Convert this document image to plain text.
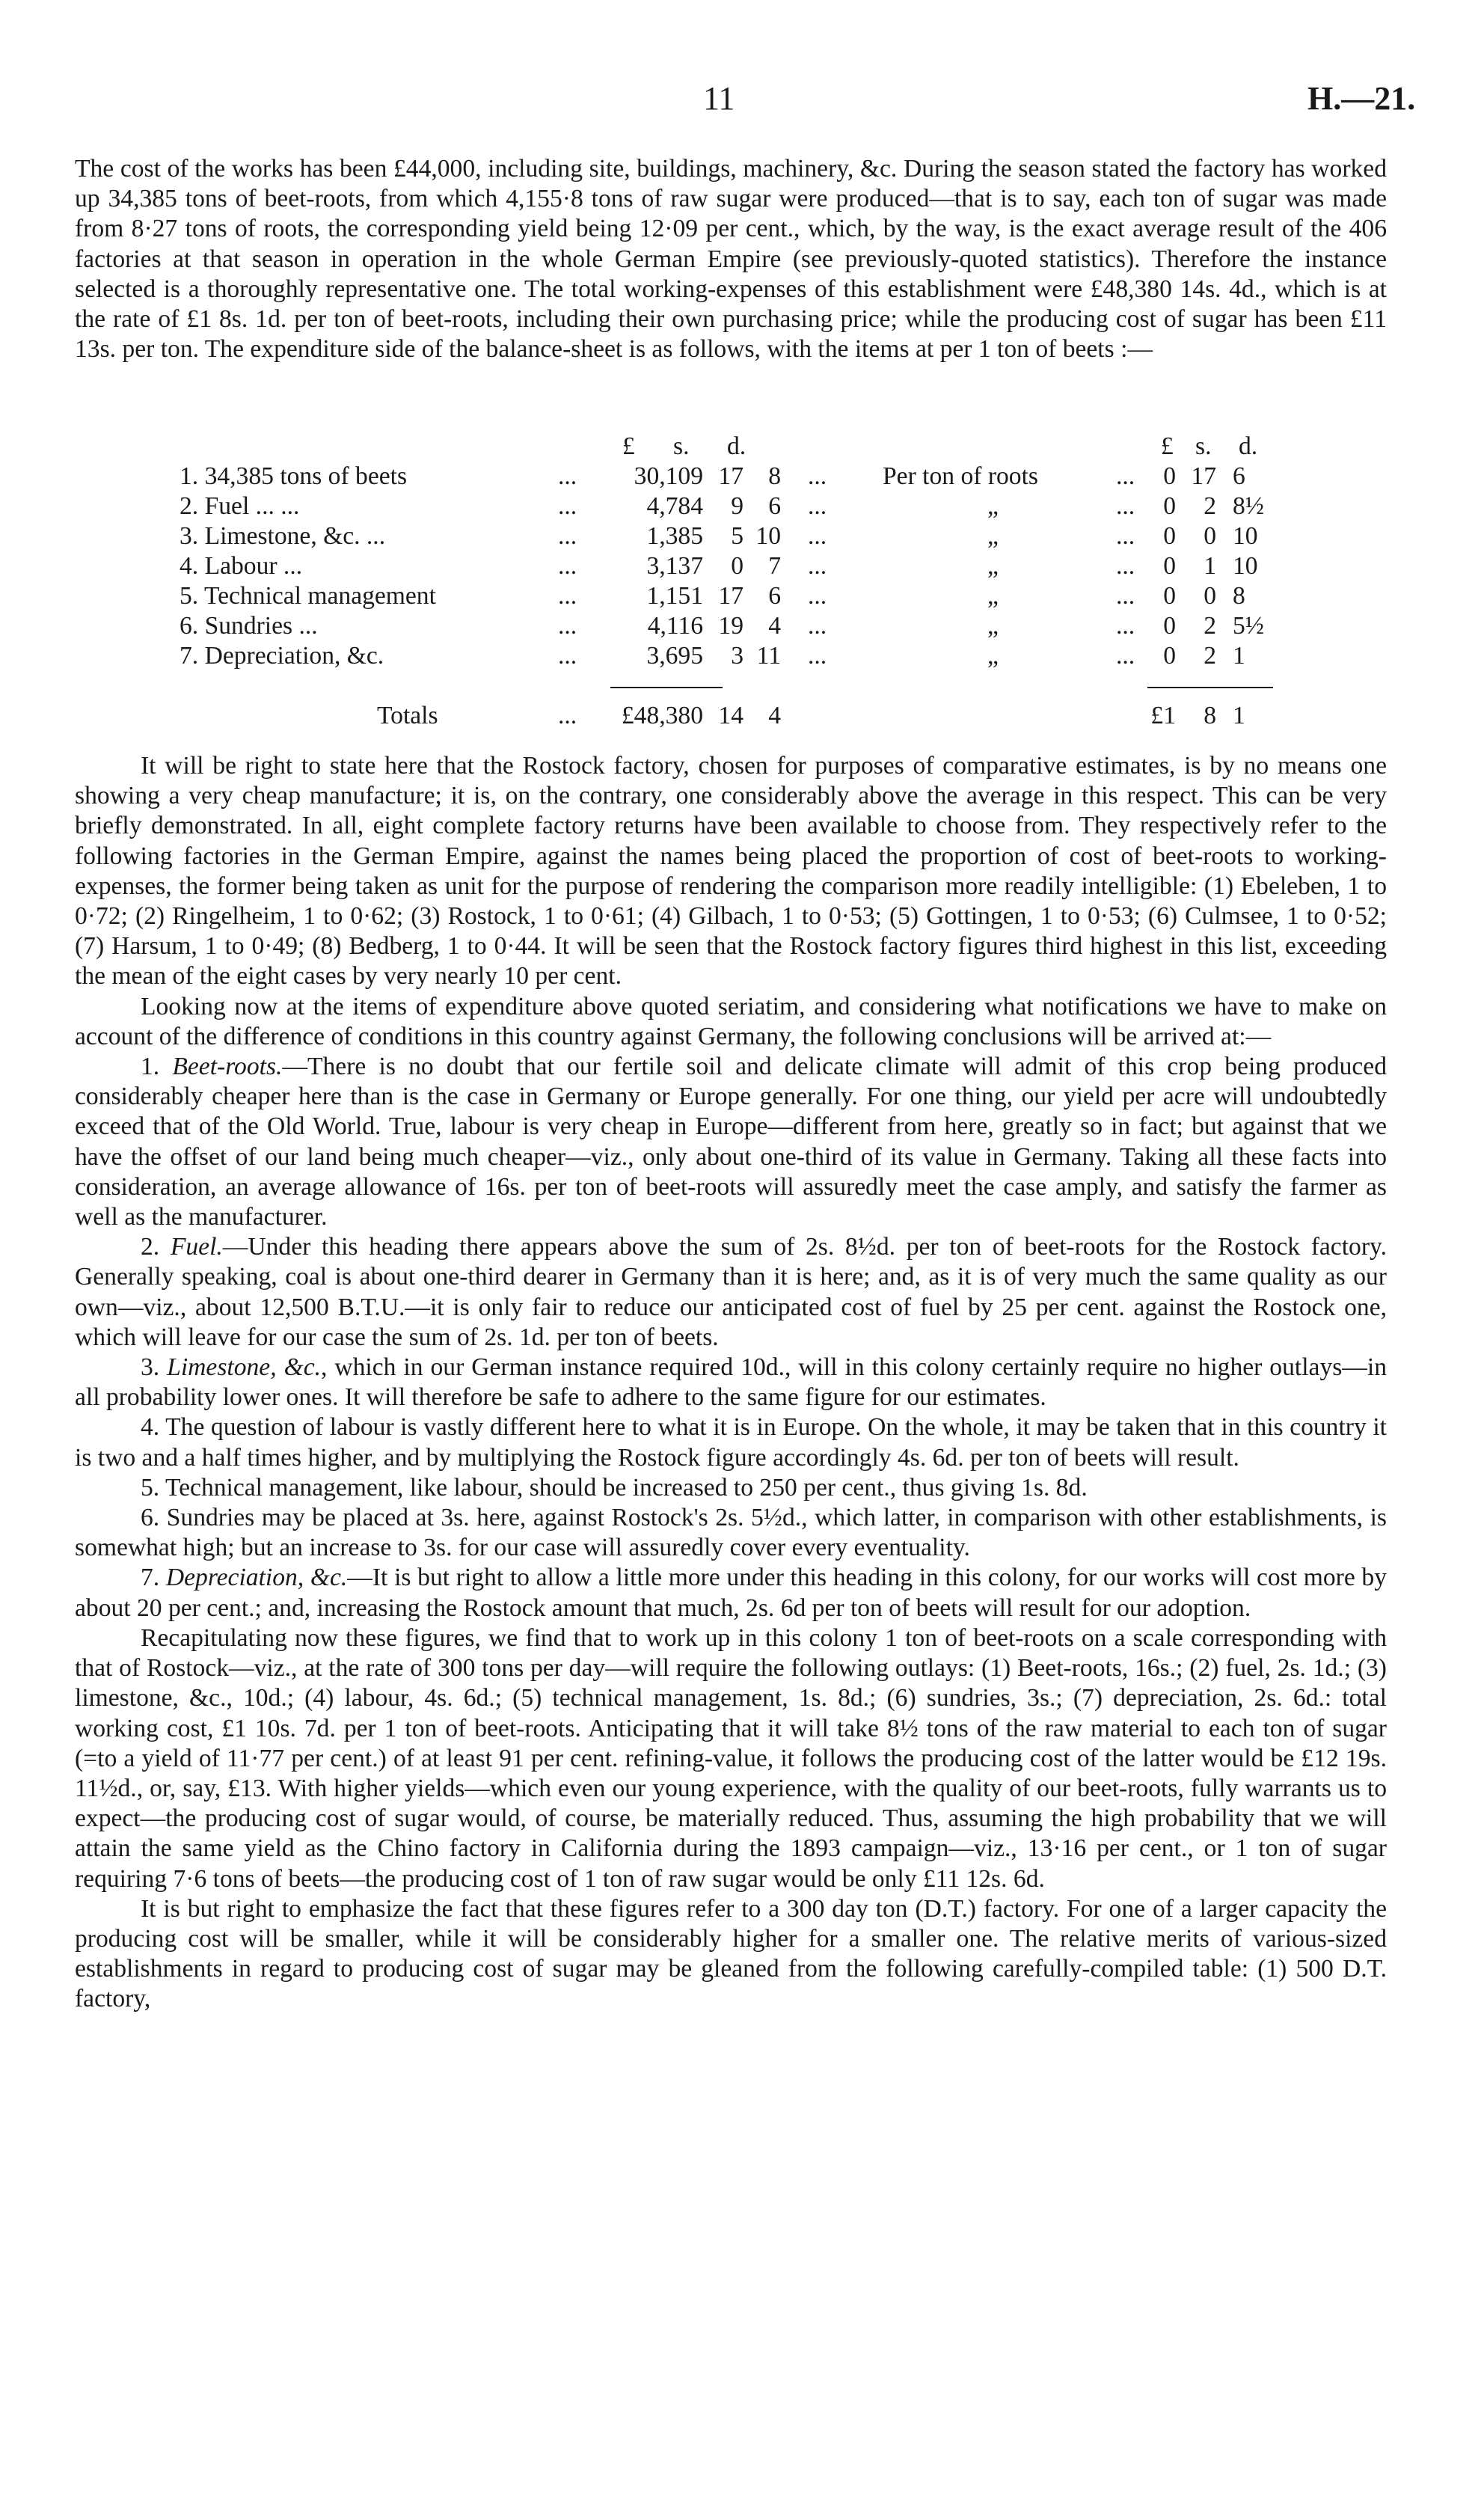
11	H.—21.

The cost of the works has been £44,000, including site, buildings, machinery, &c. During the season stated the factory has worked up 34,385 tons of beet-roots, from which 4,155·8 tons of raw sugar were produced—that is to say, each ton of sugar was made from 8·27 tons of roots, the corresponding yield being 12·09 per cent., which, by the way, is the exact average result of the 406 factories at that season in operation in the whole German Empire (see previously-quoted statistics). Therefore the instance selected is a thoroughly representative one. The total working-expenses of this establishment were £48,380 14s. 4d., which is at the rate of £1 8s. 1d. per ton of beet-roots, including their own purchasing price; while the producing cost of sugar has been £11 13s. per ton. The expenditure side of the balance-sheet is as follows, with the items at per 1 ton of beets :—

£ s. d.	£ s. d.
1. 34,385 tons of beets	...	30,109 17 8 ... Per ton of roots	...	0 17 6
2. Fuel ... ...	...	4,784	9 6 ...	„	...	0	2 8½
3. Limestone, &c. ...	...	1,385	5 10 ...	„	...	0	0 10
4. Labour ...	...	3,137	0 7 ...	„	...	0	1 10
5. Technical management	...	1,151 17 6 ...	„	...	0	0 8
6. Sundries ...	...	4,116 19 4 ...	„	...	0	2 5½
7. Depreciation, &c.	...	3,695	3 11 ...	„	...	0	2 1
Totals	...	£48,380 14 4	£1	8 1

It will be right to state here that the Rostock factory, chosen for purposes of comparative estimates, is by no means one showing a very cheap manufacture; it is, on the contrary, one considerably above the average in this respect. This can be very briefly demonstrated. In all, eight complete factory returns have been available to choose from. They respectively refer to the following factories in the German Empire, against the names being placed the proportion of cost of beet-roots to working-expenses, the former being taken as unit for the purpose of rendering the comparison more readily intelligible: (1) Ebeleben, 1 to 0·72; (2) Ringelheim, 1 to 0·62; (3) Rostock, 1 to 0·61; (4) Gilbach, 1 to 0·53; (5) Gottingen, 1 to 0·53; (6) Culmsee, 1 to 0·52; (7) Harsum, 1 to 0·49; (8) Bedberg, 1 to 0·44. It will be seen that the Rostock factory figures third highest in this list, exceeding the mean of the eight cases by very nearly 10 per cent.

Looking now at the items of expenditure above quoted seriatim, and considering what notifications we have to make on account of the difference of conditions in this country against Germany, the following conclusions will be arrived at:—

1. Beet-roots.—There is no doubt that our fertile soil and delicate climate will admit of this crop being produced considerably cheaper here than is the case in Germany or Europe generally. For one thing, our yield per acre will undoubtedly exceed that of the Old World. True, labour is very cheap in Europe—different from here, greatly so in fact; but against that we have the offset of our land being much cheaper—viz., only about one-third of its value in Germany. Taking all these facts into consideration, an average allowance of 16s. per ton of beet-roots will assuredly meet the case amply, and satisfy the farmer as well as the manufacturer.

2. Fuel.—Under this heading there appears above the sum of 2s. 8½d. per ton of beet-roots for the Rostock factory. Generally speaking, coal is about one-third dearer in Germany than it is here; and, as it is of very much the same quality as our own—viz., about 12,500 B.T.U.—it is only fair to reduce our anticipated cost of fuel by 25 per cent. against the Rostock one, which will leave for our case the sum of 2s. 1d. per ton of beets.

3. Limestone, &c., which in our German instance required 10d., will in this colony certainly require no higher outlays—in all probability lower ones. It will therefore be safe to adhere to the same figure for our estimates.

4. The question of labour is vastly different here to what it is in Europe. On the whole, it may be taken that in this country it is two and a half times higher, and by multiplying the Rostock figure accordingly 4s. 6d. per ton of beets will result.

5. Technical management, like labour, should be increased to 250 per cent., thus giving 1s. 8d.

6. Sundries may be placed at 3s. here, against Rostock's 2s. 5½d., which latter, in comparison with other establishments, is somewhat high; but an increase to 3s. for our case will assuredly cover every eventuality.

7. Depreciation, &c.—It is but right to allow a little more under this heading in this colony, for our works will cost more by about 20 per cent.; and, increasing the Rostock amount that much, 2s. 6d per ton of beets will result for our adoption.

Recapitulating now these figures, we find that to work up in this colony 1 ton of beet-roots on a scale corresponding with that of Rostock—viz., at the rate of 300 tons per day—will require the following outlays: (1) Beet-roots, 16s.; (2) fuel, 2s. 1d.; (3) limestone, &c., 10d.; (4) labour, 4s. 6d.; (5) technical management, 1s. 8d.; (6) sundries, 3s.; (7) depreciation, 2s. 6d.: total working cost, £1 10s. 7d. per 1 ton of beet-roots. Anticipating that it will take 8½ tons of the raw material to each ton of sugar (=to a yield of 11·77 per cent.) of at least 91 per cent. refining-value, it follows the producing cost of the latter would be £12 19s. 11½d., or, say, £13. With higher yields—which even our young experience, with the quality of our beet-roots, fully warrants us to expect—the producing cost of sugar would, of course, be materially reduced. Thus, assuming the high probability that we will attain the same yield as the Chino factory in California during the 1893 campaign—viz., 13·16 per cent., or 1 ton of sugar requiring 7·6 tons of beets—the producing cost of 1 ton of raw sugar would be only £11 12s. 6d.

It is but right to emphasize the fact that these figures refer to a 300 day ton (D.T.) factory. For one of a larger capacity the producing cost will be smaller, while it will be considerably higher for a smaller one. The relative merits of various-sized establishments in regard to producing cost of sugar may be gleaned from the following carefully-compiled table: (1) 500 D.T. factory,
